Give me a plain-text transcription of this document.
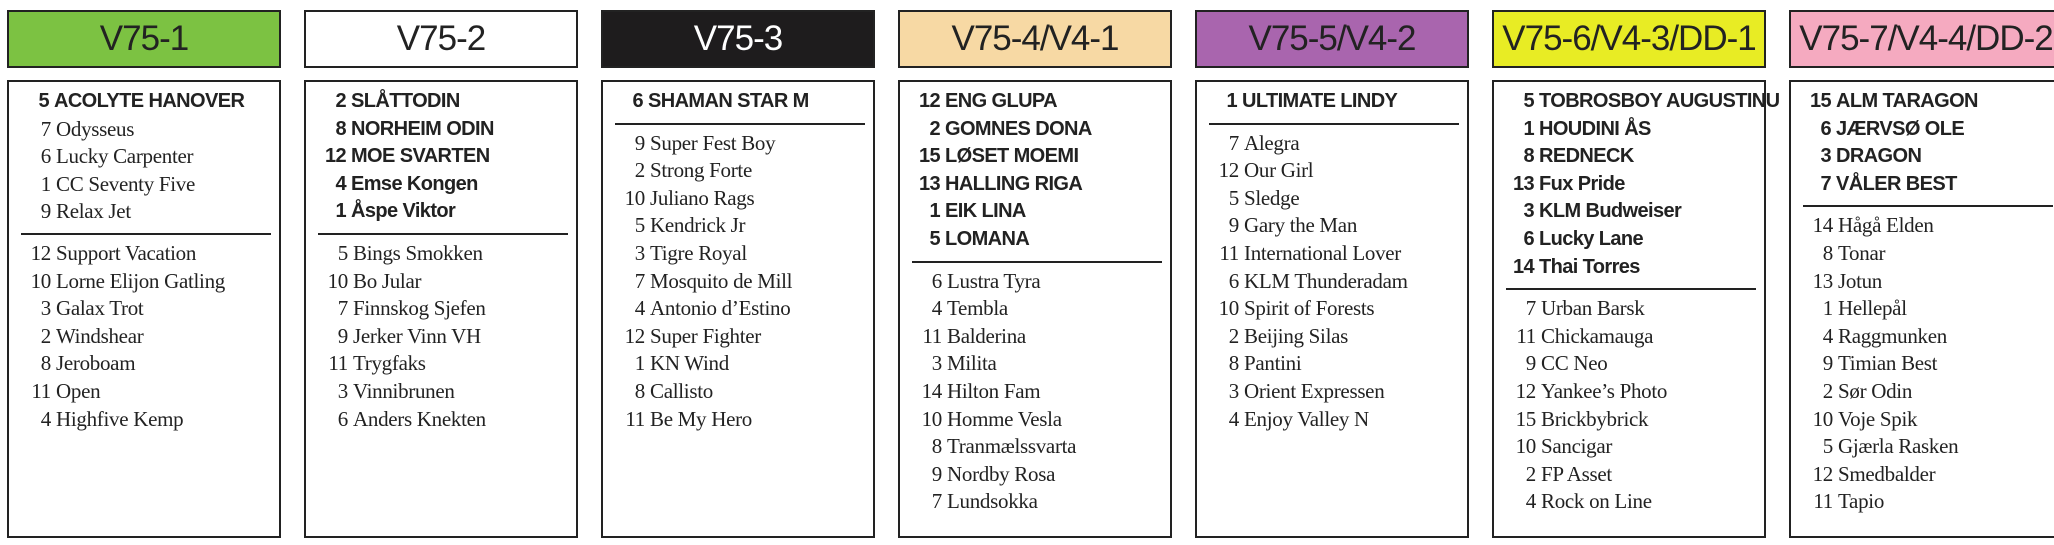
V75-1
5 ACOLYTE HANOVER
7 Odysseus
6 Lucky Carpenter
1 CC Seventy Five
9 Relax Jet
12 Support Vacation
10 Lorne Elijon Gatling
3 Galax Trot
2 Windshear
8 Jeroboam
11 Open
4 Highfive Kemp
V75-2
2 SLÅTTODIN
8 NORHEIM ODIN
12 MOE SVARTEN
4 Emse Kongen
1 Åspe Viktor
5 Bings Smokken
10 Bo Jular
7 Finnskog Sjefen
9 Jerker Vinn VH
11 Trygfaks
3 Vinnibrunen
6 Anders Knekten
V75-3
6 SHAMAN STAR M
9 Super Fest Boy
2 Strong Forte
10 Juliano Rags
5 Kendrick Jr
3 Tigre Royal
7 Mosquito de Mill
4 Antonio d’Estino
12 Super Fighter
1 KN Wind
8 Callisto
11 Be My Hero
V75-4/V4-1
12 ENG GLUPA
2 GOMNES DONA
15 LØSET MOEMI
13 HALLING RIGA
1 EIK LINA
5 LOMANA
6 Lustra Tyra
4 Tembla
11 Balderina
3 Milita
14 Hilton Fam
10 Homme Vesla
8 Tranmælssvarta
9 Nordby Rosa
7 Lundsokka
V75-5/V4-2
1 ULTIMATE LINDY
7 Alegra
12 Our Girl
5 Sledge
9 Gary the Man
11 International Lover
6 KLM Thunderadam
10 Spirit of Forests
2 Beijing Silas
8 Pantini
3 Orient Expressen
4 Enjoy Valley N
V75-6/V4-3/DD-1
5 TOBROSBOY AUGUSTINU
1 HOUDINI ÅS
8 REDNECK
13 Fux Pride
3 KLM Budweiser
6 Lucky Lane
14 Thai Torres
7 Urban Barsk
11 Chickamauga
9 CC Neo
12 Yankee’s Photo
15 Brickbybrick
10 Sancigar
2 FP Asset
4 Rock on Line
V75-7/V4-4/DD-2
15 ALM TARAGON
6 JÆRVSØ OLE
3 DRAGON
7 VÅLER BEST
14 Hågå Elden
8 Tonar
13 Jotun
1 Hellepål
4 Raggmunken
9 Timian Best
2 Sør Odin
10 Voje Spik
5 Gjærla Rasken
12 Smedbalder
11 Tapio
